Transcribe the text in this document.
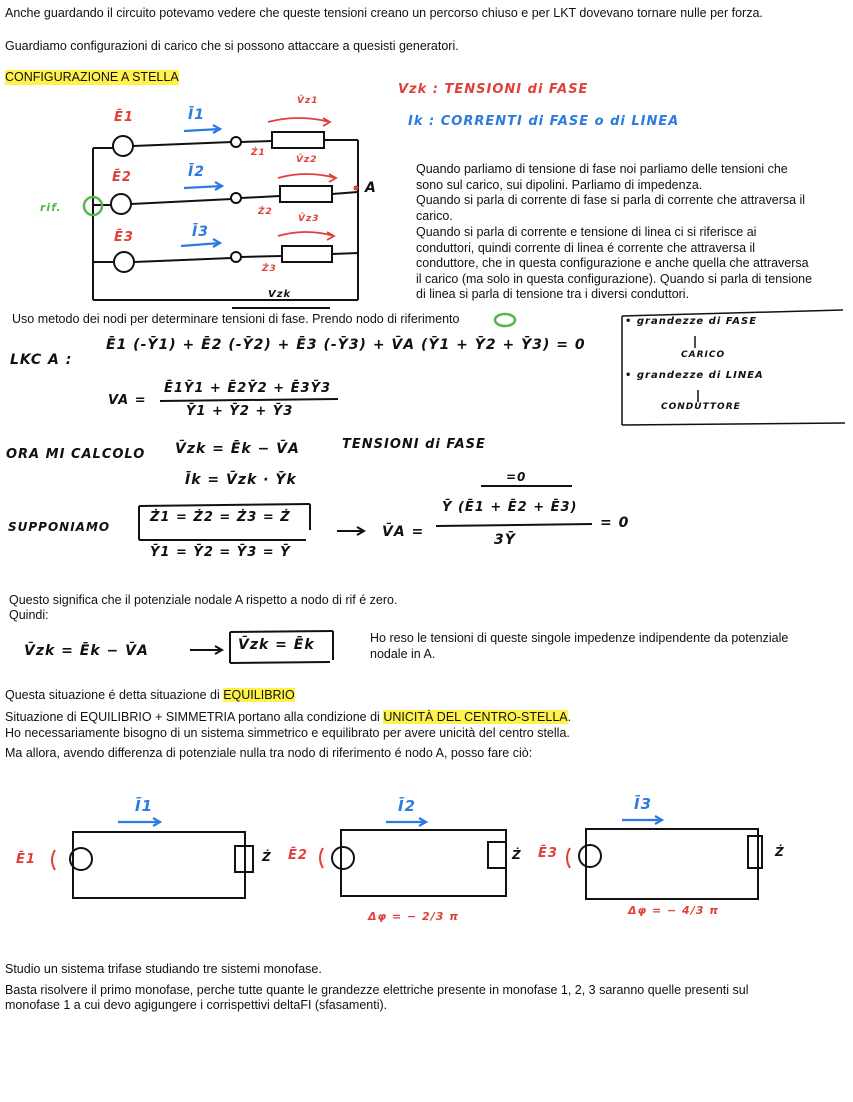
Anche guardando il circuito potevamo vedere che queste tensioni creano un percorso chiuso e per LKT dovevano tornare nulle per forza.
Guardiamo configurazioni di carico che si possono attaccare a quesisti generatori.
CONFIGURAZIONE A STELLA
Ē1
Ē2
Ē3
Ī1
Ī2
Ī3
V̄z1
V̄z2
V̄z3
Ż1
Ż2
Ż3
rif.
A
Vzk
Vzk : TENSIONI di FASE
Ik : CORRENTI di FASE o di LINEA
Quando parliamo di tensione di fase noi parliamo delle tensioni che
sono sul carico, sui dipolini. Parliamo di impedenza.
Quando si parla di corrente di fase si parla di corrente che attraversa il
carico.
Quando si parla di corrente e tensione di linea ci si riferisce ai
conduttori, quindi corrente di linea é corrente che attraversa il
conduttore, che in questa configurazione e anche quella che attraversa
il carico (ma solo in questa configurazione). Quando si parla di tensione
di linea si parla di tensione tra i diversi conduttori.
Uso metodo dei nodi per determinare tensioni di fase. Prendo nodo di riferimento	• grandezze di FASE
CARICO
• grandezze di LINEA
CONDUTTORE
LKC A :
Ē1 (-Ȳ1) + Ē2 (-Ȳ2) + Ē3 (-Ȳ3) + V̄A (Ȳ1 + Ȳ2 + Ȳ3) = 0
VA =
Ē1Ȳ1 + Ē2Ȳ2 + Ē3Ȳ3
Ȳ1 + Ȳ2 + Ȳ3
ORA MI CALCOLO V̄zk = Ēk − V̄A	TENSIONI di FASE
Īk = V̄zk · Ȳk
SUPPONIAMO
Ż1 = Ż2 = Ż3 = Ż
Ȳ1 = Ȳ2 = Ȳ3 = Ȳ
V̄A =
=0
Ȳ (Ē1 + Ē2 + Ē3)
3Ȳ
= 0
Questo significa che il potenziale nodale A rispetto a nodo di rif é zero.
Quindi:
V̄zk = Ēk − V̄A	V̄zk = Ēk	Ho reso le tensioni di queste singole impedenze indipendente da potenziale
nodale in A.
Questa situazione é detta situazione di EQUILIBRIO
Situazione di EQUILIBRIO + SIMMETRIA portano alla condizione di UNICITÀ DEL CENTRO-STELLA.
Ho necessariamente bisogno di un sistema simmetrico e equilibrato per avere unicità del centro stella.
Ma allora, avendo differenza di potenziale nulla tra nodo di riferimento é nodo A, posso fare ciò:
Ī1	Ī2	Ī3
Ē1	Ē2	Ē3
Ż	Ż	Ż
Δφ = − 2/3 π	Δφ = − 4/3 π
Studio un sistema trifase studiando tre sistemi monofase.
Basta risolvere il primo monofase, perche tutte quante le grandezze elettriche presente in monofase 1, 2, 3 saranno quelle presenti sul
monofase 1 a cui devo agigungere i corrispettivi deltaFI (sfasamenti).
